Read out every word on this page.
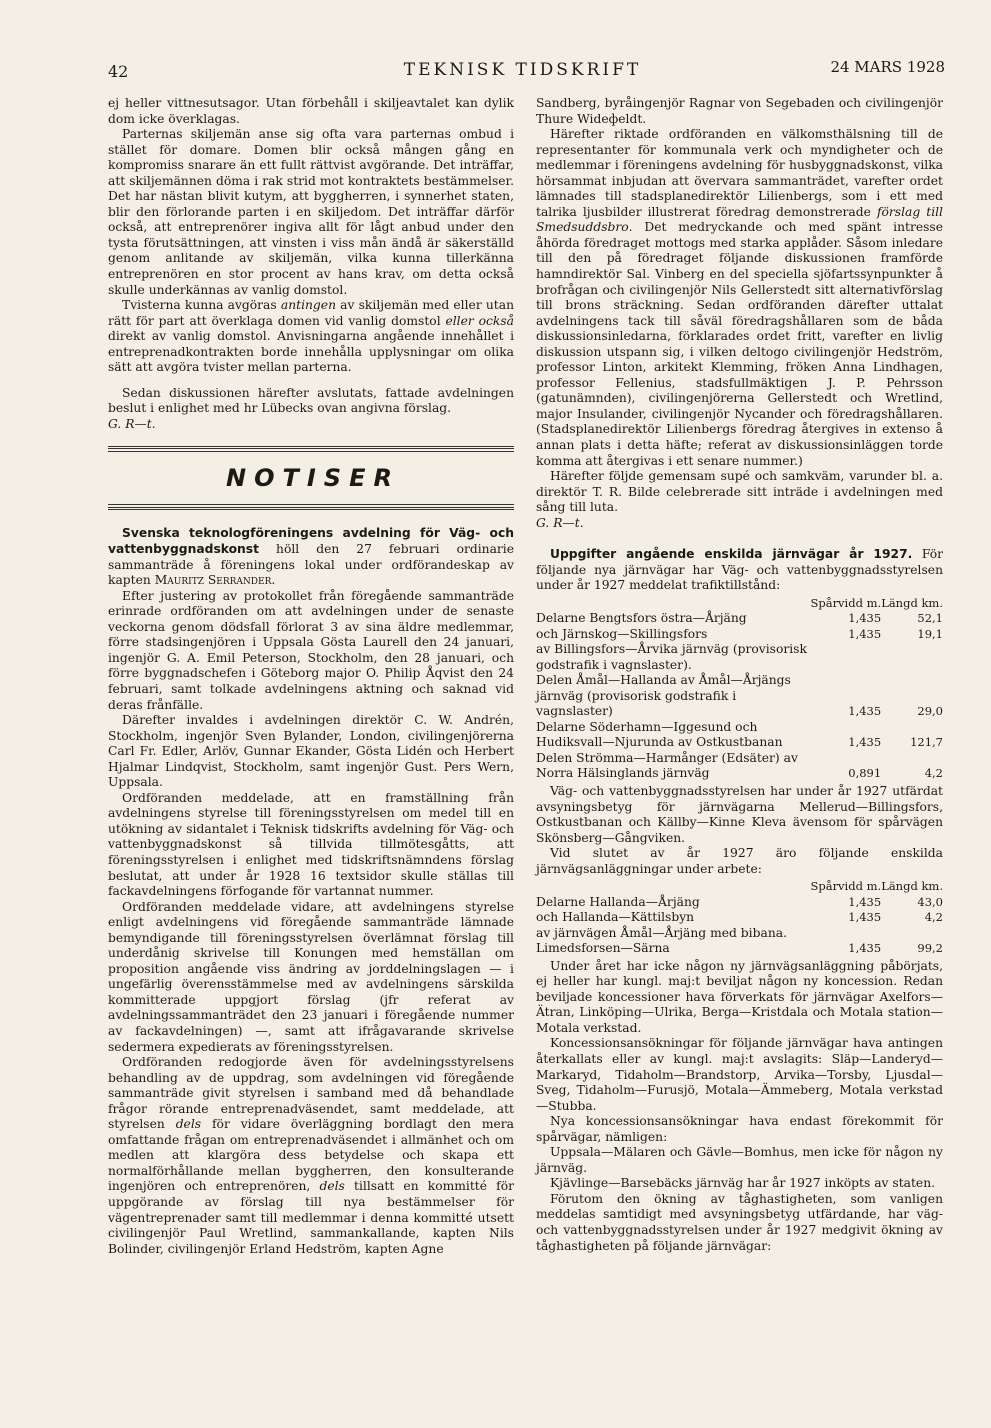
42	TEKNISK TIDSKRIFT	24 MARS 1928

ej heller vittnesutsagor. Utan förbehåll i skiljeavtalet kan dylik dom icke överklagas.

Parternas skiljemän anse sig ofta vara parternas ombud i stället för domare. Domen blir också mången gång en kompromiss snarare än ett fullt rättvist avgörande. Det inträffar, att skiljemännen döma i rak strid mot kontraktets bestämmelser. Det har nästan blivit kutym, att byggherren, i synnerhet staten, blir den förlorande parten i en skiljedom. Det inträffar därför också, att entreprenörer ingiva allt för lågt anbud under den tysta förutsättningen, att vinsten i viss mån ändå är säkerställd genom anlitande av skiljemän, vilka kunna tillerkänna entreprenören en stor procent av hans krav, om detta också skulle underkännas av vanlig domstol.

Tvisterna kunna avgöras antingen av skiljemän med eller utan rätt för part att överklaga domen vid vanlig domstol eller också direkt av vanlig domstol. Anvisningarna angående innehållet i entreprenadkontrakten borde innehålla upplysningar om olika sätt att avgöra tvister mellan parterna.

Sedan diskussionen härefter avslutats, fattade avdelningen beslut i enlighet med hr Lübecks ovan angivna förslag.

G. R—t.

NOTISER

Svenska teknologföreningens avdelning för Väg- och vattenbyggnadskonst höll den 27 februari ordinarie sammanträde å föreningens lokal under ordförandeskap av kapten Mauritz Serrander.

Efter justering av protokollet från föregående sammanträde erinrade ordföranden om att avdelningen under de senaste veckorna genom dödsfall förlorat 3 av sina äldre medlemmar, förre stadsingenjören i Uppsala Gösta Laurell den 24 januari, ingenjör G. A. Emil Peterson, Stockholm, den 28 januari, och förre byggnadschefen i Göteborg major O. Philip Åqvist den 24 februari, samt tolkade avdelningens aktning och saknad vid deras frånfälle.

Därefter invaldes i avdelningen direktör C. W. Andrén, Stockholm, ingenjör Sven Bylander, London, civilingenjörerna Carl Fr. Edler, Arlöv, Gunnar Ekander, Gösta Lidén och Herbert Hjalmar Lindqvist, Stockholm, samt ingenjör Gust. Pers Wern, Uppsala.

Ordföranden meddelade, att en framställning från avdelningens styrelse till föreningsstyrelsen om medel till en utökning av sidantalet i Teknisk tidskrifts avdelning för Väg- och vattenbyggnadskonst så tillvida tillmötesgåtts, att föreningsstyrelsen i enlighet med tidskriftsnämndens förslag beslutat, att under år 1928 16 textsidor skulle ställas till fackavdelningens förfogande för vartannat nummer.

Ordföranden meddelade vidare, att avdelningens styrelse enligt avdelningens vid föregående sammanträde lämnade bemyndigande till föreningsstyrelsen överlämnat förslag till underdånig skrivelse till Konungen med hemställan om proposition angående viss ändring av jorddelningslagen — i ungefärlig överensstämmelse med av avdelningens särskilda kommitterade uppgjort förslag (jfr referat av avdelningssammanträdet den 23 januari i föregående nummer av fackavdelningen) —, samt att ifrågavarande skrivelse sedermera expedierats av föreningsstyrelsen.

Ordföranden redogjorde även för avdelningsstyrelsens behandling av de uppdrag, som avdelningen vid föregående sammanträde givit styrelsen i samband med då behandlade frågor rörande entreprenadväsendet, samt meddelade, att styrelsen dels för vidare överläggning bordlagt den mera omfattande frågan om entreprenadväsendet i allmänhet och om medlen att klargöra dess betydelse och skapa ett normalförhållande mellan byggherren, den konsulterande ingenjören och entreprenören, dels tillsatt en kommitté för uppgörande av förslag till nya bestämmelser för vägentreprenader samt till medlemmar i denna kommitté utsett civilingenjör Paul Wretlind, sammankallande, kapten Nils Bolinder, civilingenjör Erland Hedström, kapten Agne

Sandberg, byråingenjör Ragnar von Segebaden och civilingenjör Thure Wideфeldt.

Härefter riktade ordföranden en välkomsthälsning till de representanter för kommunala verk och myndigheter och de medlemmar i föreningens avdelning för husbyggnadskonst, vilka hörsammat inbjudan att övervara sammanträdet, varefter ordet lämnades till stadsplanedirektör Lilienbergs, som i ett med talrika ljusbilder illustrerat föredrag demonstrerade förslag till Smedsuddsbro. Det medryckande och med spänt intresse åhörda föredraget mottogs med starka applåder. Såsom inledare till den på föredraget följande diskussionen framförde hamndirektör Sal. Vinberg en del speciella sjöfartssynpunkter å brofrågan och civilingenjör Nils Gellerstedt sitt alternativförslag till brons sträckning. Sedan ordföranden därefter uttalat avdelningens tack till såväl föredragshållaren som de båda diskussionsinledarna, förklarades ordet fritt, varefter en livlig diskussion utspann sig, i vilken deltogo civilingenjör Hedström, professor Linton, arkitekt Klemming, fröken Anna Lindhagen, professor Fellenius, stadsfullmäktigen J. P. Pehrsson (gatunämnden), civilingenjörerna Gellerstedt och Wretlind, major Insulander, civilingenjör Nycander och föredragshållaren. (Stadsplanedirektör Lilienbergs föredrag återgives in extenso å annan plats i detta häfte; referat av diskussionsinläggen torde komma att återgivas i ett senare nummer.)

Härefter följde gemensam supé och samkväm, varunder bl. a. direktör T. R. Bilde celebrerade sitt inträde i avdelningen med sång till luta.

G. R—t.

Uppgifter angående enskilda järnvägar år 1927. För följande nya järnvägar har Väg- och vattenbyggnadsstyrelsen under år 1927 meddelat trafiktillstånd:

	Spårvidd m.	Längd km.
Delarne Bengtsfors östra—Årjäng	1,435	52,1
och Järnskog—Skillingsfors	1,435	19,1
av Billingsfors—Årvika järnväg (provisorisk godstrafik i vagnslaster).		
Delen Åmål—Hallanda av Åmål—Årjängs järnväg (provisorisk godstrafik i vagnslaster)	1,435	29,0
Delarne Söderhamn—Iggesund och Hudiksvall—Njurunda av Ostkustbanan	1,435	121,7
Delen Strömma—Harmånger (Edsäter) av Norra Hälsinglands järnväg	0,891	4,2

Väg- och vattenbyggnadsstyrelsen har under år 1927 utfärdat avsyningsbetyg för järnvägarna Mellerud—Billingsfors, Ostkustbanan och Källby—Kinne Kleva ävensom för spårvägen Skönsberg—Gångviken.

Vid slutet av år 1927 äro följande enskilda järnvägsanläggningar under arbete:

	Spårvidd m.	Längd km.
Delarne Hallanda—Årjäng	1,435	43,0
och Hallanda—Kättilsbyn	1,435	4,2
av järnvägen Åmål—Årjäng med bibana.		
Limedsforsen—Särna	1,435	99,2

Under året har icke någon ny järnvägsanläggning påbörjats, ej heller har kungl. maj:t beviljat någon ny koncession. Redan beviljade koncessioner hava förverkats för järnvägar Axelfors—Ätran, Linköping—Ulrika, Berga—Kristdala och Motala station—Motala verkstad.

Koncessionsansökningar för följande järnvägar hava antingen återkallats eller av kungl. maj:t avslagits: Släp—Landeryd—Markaryd, Tidaholm—Brandstorp, Arvika—Torsby, Ljusdal—Sveg, Tidaholm—Furusjö, Motala—Ämmeberg, Motala verkstad—Stubba.

Nya koncessionsansökningar hava endast förekommit för spårvägar, nämligen:

Uppsala—Mälaren och Gävle—Bomhus, men icke för någon ny järnväg.

Kjävlinge—Barsebäcks järnväg har år 1927 inköpts av staten.

Förutom den ökning av tåghastigheten, som vanligen meddelas samtidigt med avsyningsbetyg utfärdande, har väg- och vattenbyggnadsstyrelsen under år 1927 medgivit ökning av tåghastigheten på följande järnvägar:
